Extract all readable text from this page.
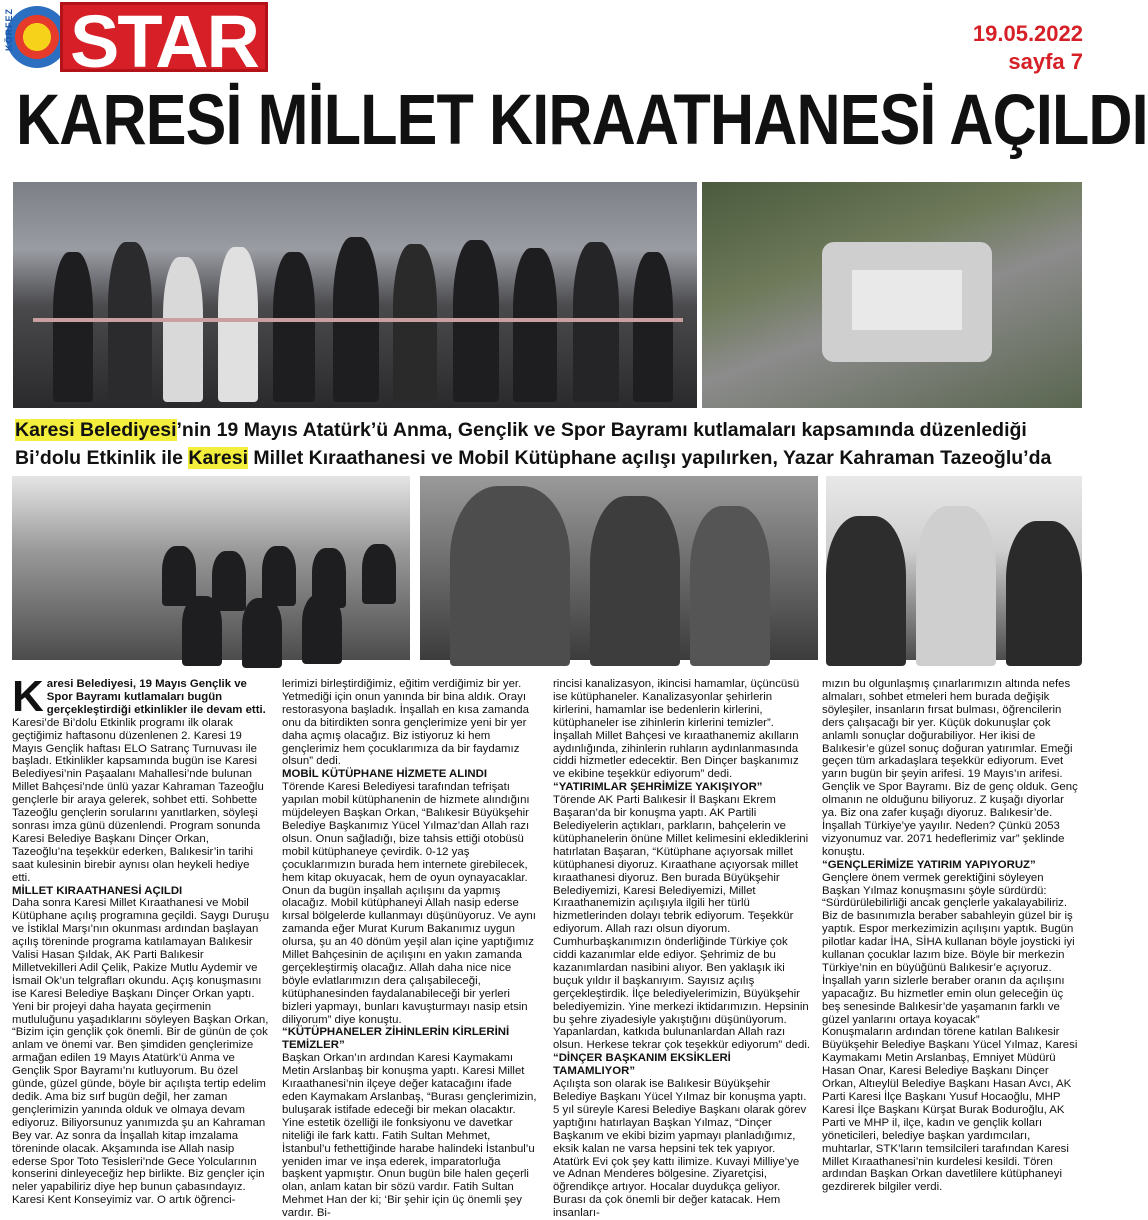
KÖRFEZ STAR	19.05.2022
sayfa 7
KARESİ MİLLET KIRAATHANESİ AÇILDI
Karesi Belediyesi’nin 19 Mayıs Atatürk’ü Anma, Gençlik ve Spor Bayramı kutlamaları kapsamında düzenlediği Bi’dolu Etkinlik ile Karesi Millet Kıraathanesi ve Mobil Kütüphane açılışı yapılırken, Yazar Kahraman Tazeoğlu’da

Karesi Belediyesi, 19 Mayıs Gençlik ve Spor Bayramı kutlamaları bugün gerçekleştirdiği etkinlikler ile devam etti.

Karesi’de Bi’dolu Etkinlik programı ilk olarak geçtiğimiz haftasonu düzenlenen 2. Karesi 19 Mayıs Gençlik haftası ELO Satranç Turnuvası ile başladı. Etkinlikler kapsamında bugün ise Karesi Belediyesi’nin Paşaalanı Mahallesi’nde bulunan Millet Bahçesi’nde ünlü yazar Kahraman Tazeoğlu gençlerle bir araya gelerek, sohbet etti. Sohbette Tazeoğlu gençlerin sorularını yanıtlarken, söyleşi sonrası imza günü düzenlendi. Program sonunda Karesi Belediye Başkanı Dinçer Orkan, Tazeoğlu’na teşekkür ederken, Balıkesir’in tarihi saat kulesinin birebir aynısı olan heykeli hediye etti.

MİLLET KIRAATHANESİ AÇILDI

Daha sonra Karesi Millet Kıraathanesi ve Mobil Kütüphane açılış programına geçildi. Saygı Duruşu ve İstiklal Marşı’nın okunması ardından başlayan açılış töreninde programa katılamayan Balıkesir Valisi Hasan Şıldak, AK Parti Balıkesir Milletvekilleri Adil Çelik, Pakize Mutlu Aydemir ve İsmail Ok’un telgrafları okundu. Açış konuşmasını ise Karesi Belediye Başkanı Dinçer Orkan yaptı. Yeni bir projeyi daha hayata geçirmenin mutluluğunu yaşadıklarını söyleyen Başkan Orkan, “Bizim için gençlik çok önemli. Bir de günün de çok anlam ve önemi var. Ben şimdiden gençlerimize armağan edilen 19 Mayıs Atatürk’ü Anma ve Gençlik Spor Bayramı’nı kutluyorum. Bu özel günde, güzel günde, böyle bir açılışta tertip edelim dedik. Ama biz sırf bugün değil, her zaman gençlerimizin yanında olduk ve olmaya devam ediyoruz. Biliyorsunuz yanımızda şu an Kahraman Bey var. Az sonra da İnşallah kitap imzalama töreninde olacak. Akşamında ise Allah nasip ederse Spor Toto Tesisleri’nde Gece Yolcularının konserini dinleyeceğiz hep birlikte. Biz gençler için neler yapabiliriz diye hep bunun çabasındayız. Karesi Kent Konseyimiz var. O artık öğrenci-

lerimizi birleştirdiğimiz, eğitim verdiğimiz bir yer. Yetmediği için onun yanında bir bina aldık. Orayı restorasyona başladık. İnşallah en kısa zamanda onu da bitirdikten sonra gençlerimize yeni bir yer daha açmış olacağız. Biz istiyoruz ki hem gençlerimiz hem çocuklarımıza da bir faydamız olsun” dedi.

MOBİL KÜTÜPHANE HİZMETE ALINDI

Törende Karesi Belediyesi tarafından tefrişatı yapılan mobil kütüphanenin de hizmete alındığını müjdeleyen Başkan Orkan, “Balıkesir Büyükşehir Belediye Başkanımız Yücel Yılmaz’dan Allah razı olsun. Onun sağladığı, bize tahsis ettiği otobüsü mobil kütüphaneye çevirdik. 0-12 yaş çocuklarımızın burada hem internete girebilecek, hem kitap okuyacak, hem de oyun oynayacaklar. Onun da bugün inşallah açılışını da yapmış olacağız. Mobil kütüphaneyi Allah nasip ederse kırsal bölgelerde kullanmayı düşünüyoruz. Ve aynı zamanda eğer Murat Kurum Bakanımız uygun olursa, şu an 40 dönüm yeşil alan içine yaptığımız Millet Bahçesinin de açılışını en yakın zamanda gerçekleştirmiş olacağız. Allah daha nice nice böyle evlatlarımızın dera çalışabileceği, kütüphanesinden faydalanabileceği bir yerleri bizleri yapmayı, bunları kavuşturmayı nasip etsin diliyorum” diye konuştu.

“KÜTÜPHANELER ZİHİNLERİN KİRLERİNİ TEMİZLER”

Başkan Orkan’ın ardından Karesi Kaymakamı Metin Arslanbaş bir konuşma yaptı. Karesi Millet Kıraathanesi’nin ilçeye değer katacağını ifade eden Kaymakam Arslanbaş, “Burası gençlerimizin, buluşarak istifade edeceği bir mekan olacaktır. Yine estetik özelliği ile fonksiyonu ve davetkar niteliği ile fark kattı. Fatih Sultan Mehmet, İstanbul’u fethettiğinde harabe halindeki İstanbul’u yeniden imar ve inşa ederek, imparatorluğa başkent yapmıştır. Onun bugün bile halen geçerli olan, anlam katan bir sözü vardır. Fatih Sultan Mehmet Han der ki; ‘Bir şehir için üç önemli şey vardır. Bi-

rincisi kanalizasyon, ikincisi hamamlar, üçüncüsü ise kütüphaneler. Kanalizasyonlar şehirlerin kirlerini, hamamlar ise bedenlerin kirlerini, kütüphaneler ise zihinlerin kirlerini temizler”. İnşallah Millet Bahçesi ve kıraathanemiz akılların aydınlığında, zihinlerin ruhların aydınlanmasında ciddi hizmetler edecektir. Ben Dinçer başkanımız ve ekibine teşekkür ediyorum” dedi.

“YATIRIMLAR ŞEHRİMİZE YAKIŞIYOR”

Törende AK Parti Balıkesir İl Başkanı Ekrem Başaran’da bir konuşma yaptı. AK Partili Belediyelerin açtıkları, parkların, bahçelerin ve kütüphanelerin önüne Millet kelimesini eklediklerini hatırlatan Başaran, “Kütüphane açıyorsak millet kütüphanesi diyoruz. Kıraathane açıyorsak millet kıraathanesi diyoruz. Ben burada Büyükşehir Belediyemizi, Karesi Belediyemizi, Millet Kıraathanemizin açılışıyla ilgili her türlü hizmetlerinden dolayı tebrik ediyorum. Teşekkür ediyorum. Allah razı olsun diyorum. Cumhurbaşkanımızın önderliğinde Türkiye çok ciddi kazanımlar elde ediyor. Şehrimiz de bu kazanımlardan nasibini alıyor. Ben yaklaşık iki buçuk yıldır il başkanıyım. Sayısız açılış gerçekleştirdik. İlçe belediyelerimizin, Büyükşehir belediyemizin. Yine merkezi iktidarımızın. Hepsinin bu şehre ziyadesiyle yakıştığını düşünüyorum. Yapanlardan, katkıda bulunanlardan Allah razı olsun. Herkese tekrar çok teşekkür ediyorum” dedi.

“DİNÇER BAŞKANIM EKSİKLERİ TAMAMLIYOR”

Açılışta son olarak ise Balıkesir Büyükşehir Belediye Başkanı Yücel Yılmaz bir konuşma yaptı. 5 yıl süreyle Karesi Belediye Başkanı olarak görev yaptığını hatırlayan Başkan Yılmaz, “Dinçer Başkanım ve ekibi bizim yapmayı planladığımız, eksik kalan ne varsa hepsini tek tek yapıyor. Atatürk Evi çok şey kattı ilimize. Kuvayi Milliye’ye ve Adnan Menderes bölgesine. Ziyaretçisi, öğrendikçe artıyor. Hocalar duyduk̇ça geliyor. Burası da çok önemli bir değer katacak. Hem insanları-

mızın bu olgunlaşmış çınarlarımızın altında nefes almaları, sohbet etmeleri hem burada değişik söyleşiler, insanların fırsat bulması, öğrencilerin ders çalışacağı bir yer. Küçük dokunuşlar çok anlamlı sonuçlar doğurabiliyor. Her ikisi de Balıkesir’e güzel sonuç doğuran yatırımlar. Emeği geçen tüm arkadaşlara teşekkür ediyorum. Evet yarın bugün bir şeyin arifesi. 19 Mayıs’ın arifesi. Gençlik ve Spor Bayramı. Biz de genç olduk. Genç olmanın ne olduğunu biliyoruz. Z kuşağı diyorlar ya. Biz ona zafer kuşağı diyoruz. Balıkesir’de. İnşallah Türkiye’ye yayılır. Neden? Çünkü 2053 vizyonumuz var. 2071 hedeflerimiz var” şeklinde konuştu.

“GENÇLERİMİZE YATIRIM YAPIYORUZ”

Gençlere önem vermek gerektiğini söyleyen Başkan Yılmaz konuşmasını şöyle sürdürdü: “Sürdürülebilirliği ancak gençlerle yakalayabiliriz. Biz de basınımızla beraber sabahleyin güzel bir iş yaptık. Espor merkezimizin açılışını yaptık. Bugün pilotlar kadar İHA, SİHA kullanan böyle joysticki iyi kullanan çocuklar lazım bize. Böyle bir merkezin Türkiye’nin en büyüğünü Balıkesir’e açıyoruz. İnşallah yarın sizlerle beraber oranın da açılışını yapacağız. Bu hizmetler emin olun geleceğin üç beş senesinde Balıkesir’de yaşamanın farklı ve güzel yanlarını ortaya koyacak”

Konuşmaların ardından törene katılan Balıkesir Büyükşehir Belediye Başkanı Yücel Yılmaz, Karesi Kaymakamı Metin Arslanbaş, Emniyet Müdürü Hasan Onar, Karesi Belediye Başkanı Dinçer Orkan, Altıeylül Belediye Başkanı Hasan Avcı, AK Parti Karesi İlçe Başkanı Yusuf Hocaoğlu, MHP Karesi İlçe Başkanı Kürşat Burak Boduroğlu, AK Parti ve MHP il, ilçe, kadın ve gençlik kolları yöneticileri, belediye başkan yardımcıları, muhtarlar, STK’ların temsilcileri tarafından Karesi Millet Kıraathanesi’nin kurdelesi kesildi. Tören ardından Başkan Orkan davetlilere kütüphaneyi gezdirerek bilgiler verdi.
